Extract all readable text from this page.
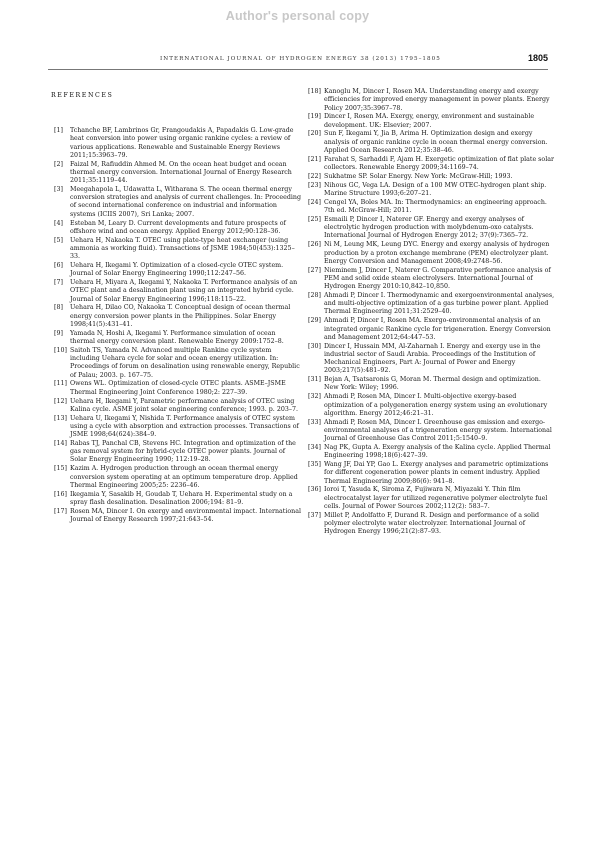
Author's personal copy
INTERNATIONAL JOURNAL OF HYDROGEN ENERGY 38 (2013) 1795–1805	1805
REFERENCES
[1]	Tchanche BF, Lambrinos Gr, Frangoudakis A, Papadakis G. Low-grade heat conversion into power using organic rankine cycles: a review of various applications. Renewable and Sustainable Energy Reviews 2011;15:3963–79.
[2]	Faizal M, Rafiuddin Ahmed M. On the ocean heat budget and ocean thermal energy conversion. International Journal of Energy Research 2011;35:1119–44.
[3]	Meegahapola L, Udawatta L, Witharana S. The ocean thermal energy conversion strategies and analysis of current challenges. In: Proceeding of second international conference on industrial and information systems (ICIIS 2007), Sri Lanka; 2007.
[4]	Esteban M, Leary D. Current developments and future prospects of offshore wind and ocean energy. Applied Energy 2012;90:128–36.
[5]	Uehara H, Nakaoka T. OTEC using plate-type heat exchanger (using ammonia as working fluid). Transactions of JSME 1984;50(453):1325–33.
[6]	Uehara H, Ikegami Y. Optimization of a closed-cycle OTEC system. Journal of Solar Energy Engineering 1990;112:247–56.
[7]	Uehara H, Miyara A, Ikegami Y, Nakaoka T. Performance analysis of an OTEC plant and a desalination plant using an integrated hybrid cycle. Journal of Solar Energy Engineering 1996;118:115–22.
[8]	Uehara H, Dilao CO, Nakaoka T. Conceptual design of ocean thermal energy conversion power plants in the Philippines. Solar Energy 1998;41(5):431–41.
[9]	Yamada N, Hoshi A, Ikegami Y. Performance simulation of ocean thermal energy conversion plant. Renewable Energy 2009:1752–8.
[10] Saitoh TS, Yamada N. Advanced multiple Rankine cycle system including Uehara cycle for solar and ocean energy utilization. In: Proceedings of forum on desalination using renewable energy, Republic of Palau; 2003. p. 167–75.
[11] Owens WL. Optimization of closed-cycle OTEC plants. ASME–JSME Thermal Engineering Joint Conference 1980;2: 227–39.
[12] Uehara H, Ikegami Y, Parametric performance analysis of OTEC using Kalina cycle. ASME joint solar engineering conference; 1993. p. 203–7.
[13] Uehara U, Ikegami Y, Nishida T. Performance analysis of OTEC system using a cycle with absorption and extraction processes. Transactions of JSME 1998;64(624):384–9.
[14] Rabas TJ, Panchal CB, Stevens HC. Integration and optimization of the gas removal system for hybrid-cycle OTEC power plants. Journal of Solar Energy Engineering 1990; 112:19–28.
[15] Kazim A. Hydrogen production through an ocean thermal energy conversion system operating at an optimum temperature drop. Applied Thermal Engineering 2005;25: 2236–46.
[16] Ikegamia Y, Sasakib H, Goudab T, Uehara H. Experimental study on a spray flash desalination. Desalination 2006;194: 81–9.
[17] Rosen MA, Dincer I. On exergy and environmental impact. International Journal of Energy Research 1997;21:643–54.
[18] Kanoglu M, Dincer I, Rosen MA. Understanding energy and exergy efficiencies for improved energy management in power plants. Energy Policy 2007;35:3967–78.
[19] Dincer I, Rosen MA. Exergy, energy, environment and sustainable development. UK: Elsevier; 2007.
[20] Sun F, Ikegami Y, Jia B, Arima H. Optimization design and exergy analysis of organic rankine cycle in ocean thermal energy conversion. Applied Ocean Research 2012;35:38–46.
[21] Farahat S, Sarhaddi F, Ajam H. Exergetic optimization of flat plate solar collectors. Renewable Energy 2009;34:1169–74.
[22] Sukhatme SP. Solar Energy. New York: McGraw-Hill; 1993.
[23] Nihous GC, Vega LA. Design of a 100 MW OTEC-hydrogen plant ship. Marine Structure 1993;6:207–21.
[24] Cengel YA, Boles MA. In: Thermodynamics: an engineering approach. 7th ed. McGraw-Hill; 2011.
[25] Esmaili P, Dincer I, Naterer GF. Energy and exergy analyses of electrolytic hydrogen production with molybdenum-oxo catalysts. International Journal of Hydrogen Energy 2012; 37(9):7365–72.
[26] Ni M, Leung MK, Leung DYC. Energy and exergy analysis of hydrogen production by a proton exchange membrane (PEM) electrolyzer plant. Energy Conversion and Management 2008;49:2748–56.
[27] Nieminem J, Dincer I, Naterer G. Comparative performance analysis of PEM and solid oxide steam electrolysers. International Journal of Hydrogen Energy 2010:10,842–10,850.
[28] Ahmadi P, Dincer I. Thermodynamic and exergoenvironmental analyses, and multi-objective optimization of a gas turbine power plant. Applied Thermal Engineering 2011;31:2529–40.
[29] Ahmadi P, Dincer I, Rosen MA. Exergo-environmental analysis of an integrated organic Rankine cycle for trigeneration. Energy Conversion and Management 2012;64:447–53.
[30] Dincer I, Hussain MM, Al-Zaharnah I. Energy and exergy use in the industrial sector of Saudi Arabia. Proceedings of the Institution of Mechanical Engineers, Part A: Journal of Power and Energy 2003;217(5):481–92.
[31] Bejan A, Tsatsaronis G, Moran M. Thermal design and optimization. New York: Wiley; 1996.
[32] Ahmadi P, Rosen MA, Dincer I. Multi-objective exergy-based optimization of a polygeneration energy system using an evolutionary algorithm. Energy 2012;46:21–31.
[33] Ahmadi P, Rosen MA, Dincer I. Greenhouse gas emission and exergo-environmental analyses of a trigeneration energy system. International Journal of Greenhouse Gas Control 2011;5:1540–9.
[34] Nag PK, Gupta A. Exergy analysis of the Kalina cycle. Applied Thermal Engineering 1998;18(6):427–39.
[35] Wang JF, Dai YP, Gao L. Exergy analyses and parametric optimizations for different cogeneration power plants in cement industry. Applied Thermal Engineering 2009;86(6): 941–8.
[36] Ioroi T, Yasuda K, Siroma Z, Fujiwara N, Miyazaki Y. Thin film electrocatalyst layer for utilized regenerative polymer electrolyte fuel cells. Journal of Power Sources 2002;112(2): 583–7.
[37] Millet P, Andolfatto F, Durand R. Design and performance of a solid polymer electrolyte water electrolyzer. International Journal of Hydrogen Energy 1996;21(2):87–93.
